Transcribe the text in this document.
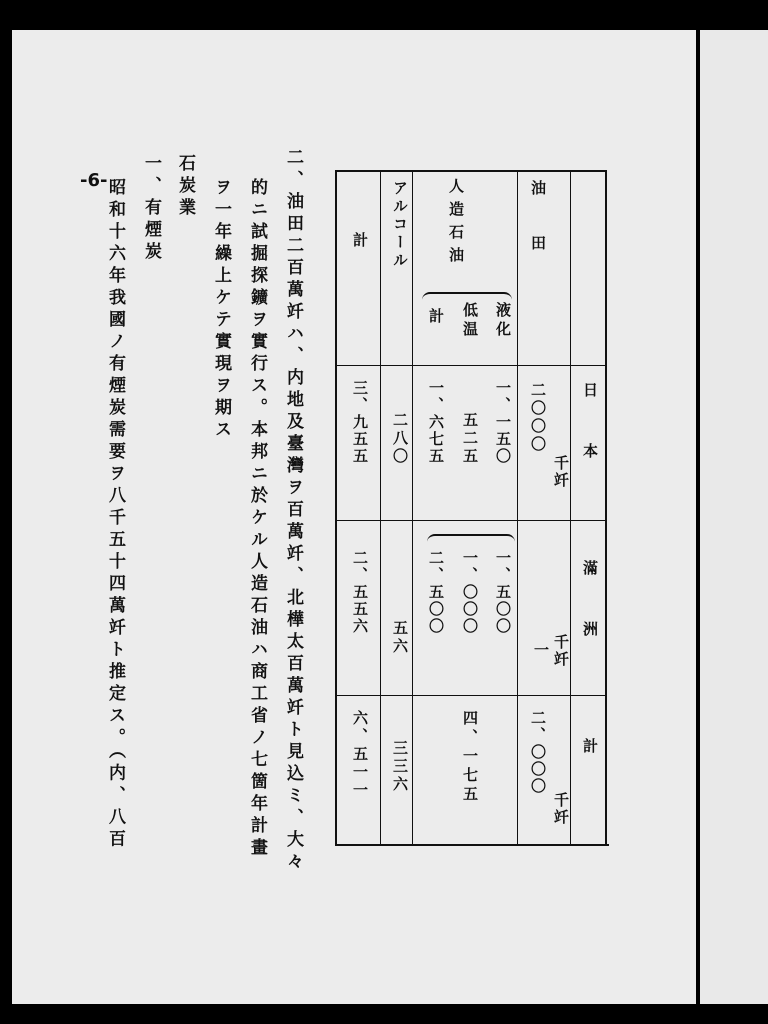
-6-	油田
人造石油
液化
低温
計
アルコール
計
日本
二〇〇〇
千竏
一、一五〇
五二五
一、六七五
二八〇
三、九五五
滿洲
一 千竏
一、五〇〇
一、〇〇〇
二、五〇〇
五六
二、五五六
計
二、〇〇〇
千竏
四、一七五
三三六
六、五一一
二、油田二百萬竏ハ、内地及臺灣ヲ百萬竏、北樺太百萬竏ト見込ミ、大々
的ニ試掘探鑛ヲ實行ス。本邦ニ於ケル人造石油ハ商工省ノ七箇年計畫
ヲ一年繰上ケテ實現ヲ期ス
石炭業
一、有煙炭
昭和十六年我國ノ有煙炭需要ヲ八千五十四萬竏ト推定ス。（内、八百
